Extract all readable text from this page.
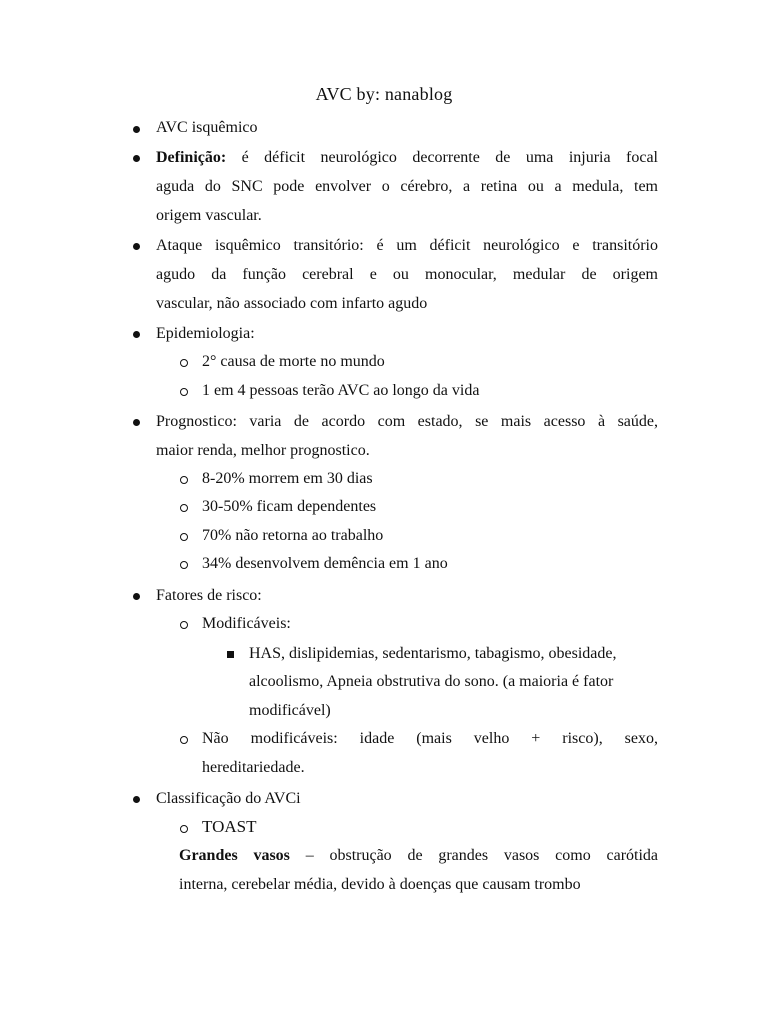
AVC by: nanablog
AVC isquêmico
Definição: é déficit neurológico decorrente de uma injuria focal
aguda do SNC pode envolver o cérebro, a retina ou a medula, tem
origem vascular.
Ataque isquêmico transitório: é um déficit neurológico e transitório
agudo da função cerebral e ou monocular, medular de origem
vascular, não associado com infarto agudo
Epidemiologia:
2° causa de morte no mundo
1 em 4 pessoas terão AVC ao longo da vida
Prognostico: varia de acordo com estado, se mais acesso à saúde,
maior renda, melhor prognostico.
8-20% morrem em 30 dias
30-50% ficam dependentes
70% não retorna ao trabalho
34% desenvolvem demência em 1 ano
Fatores de risco:
Modificáveis:
HAS, dislipidemias, sedentarismo, tabagismo, obesidade,
alcoolismo, Apneia obstrutiva do sono. (a maioria é fator
modificável)
Não modificáveis: idade (mais velho + risco), sexo,
hereditariedade.
Classificação do AVCi
TOAST
Grandes vasos – obstrução de grandes vasos como carótida
interna, cerebelar média, devido à doenças que causam trombo
